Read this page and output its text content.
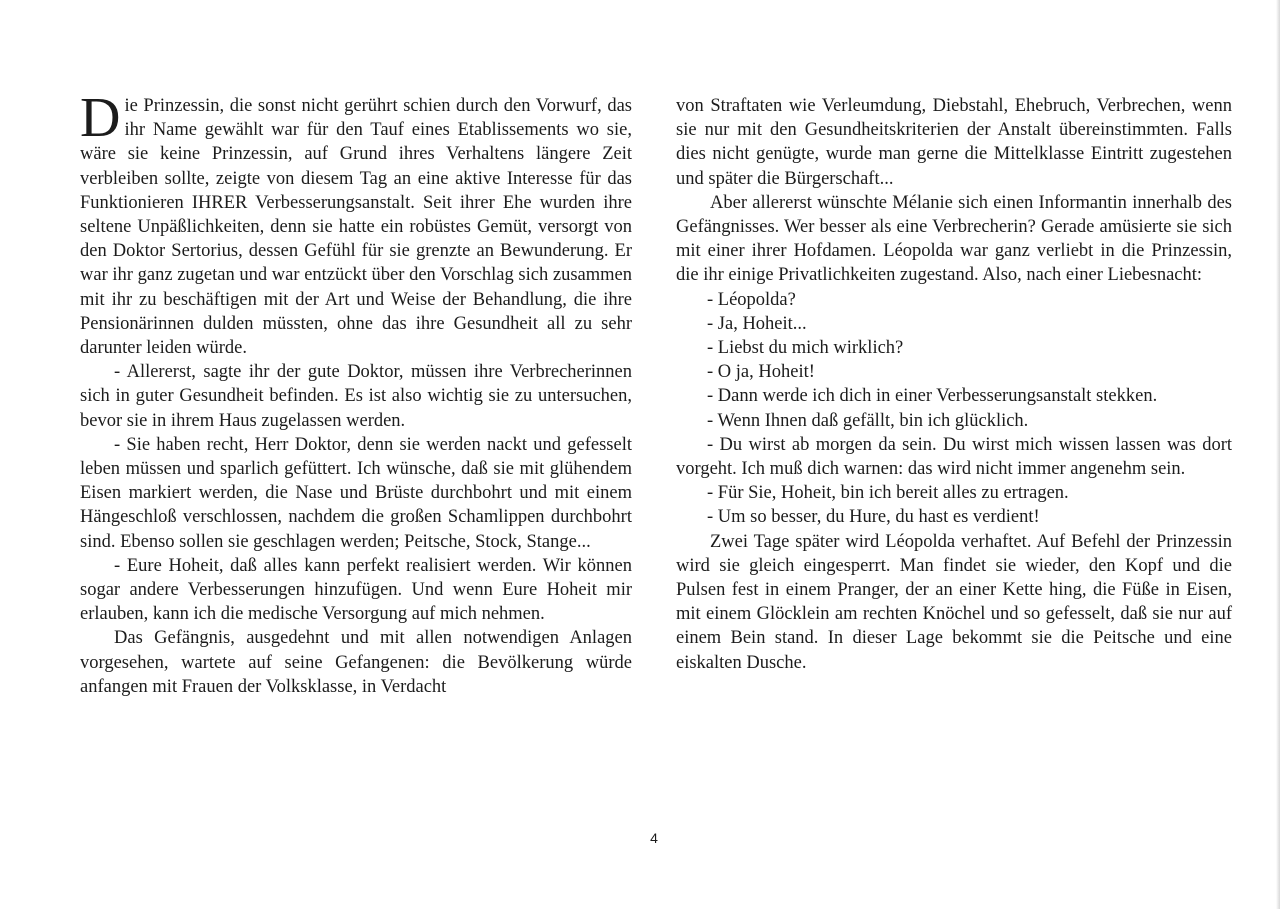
Die Prinzessin, die sonst nicht gerührt schien durch den Vorwurf, das ihr Name gewählt war für den Tauf eines Etablissements wo sie, wäre sie keine Prinzessin, auf Grund ihres Verhaltens längere Zeit verbleiben sollte, zeigte von diesem Tag an eine aktive Interesse für das Funktionieren IHRER Verbesserungsanstalt. Seit ihrer Ehe wurden ihre seltene Unpäßlichkeiten, denn sie hatte ein robüstes Gemüt, versorgt von den Doktor Sertorius, dessen Gefühl für sie grenzte an Bewunderung. Er war ihr ganz zugetan und war entzückt über den Vorschlag sich zusammen mit ihr zu beschäftigen mit der Art und Weise der Behandlung, die ihre Pensionärinnen dulden müssten, ohne das ihre Gesundheit all zu sehr darunter leiden würde.

- Allererst, sagte ihr der gute Doktor, müssen ihre Verbrecherinnen sich in guter Gesundheit befinden. Es ist also wichtig sie zu untersuchen, bevor sie in ihrem Haus zugelassen werden.

- Sie haben recht, Herr Doktor, denn sie werden nackt und gefesselt leben müssen und sparlich gefüttert. Ich wünsche, daß sie mit glühendem Eisen markiert werden, die Nase und Brüste durchbohrt und mit einem Hängeschloß verschlossen, nachdem die großen Schamlippen durchbohrt sind. Ebenso sollen sie geschlagen werden; Peitsche, Stock, Stange...

- Eure Hoheit, daß alles kann perfekt realisiert werden. Wir können sogar andere Verbesserungen hinzufügen. Und wenn Eure Hoheit mir erlauben, kann ich die medische Versorgung auf mich nehmen.

Das Gefängnis, ausgedehnt und mit allen notwendigen Anlagen vorgesehen, wartete auf seine Gefangenen: die Bevölkerung würde anfangen mit Frauen der Volksklasse, in Verdacht

von Straftaten wie Verleumdung, Diebstahl, Ehebruch, Verbrechen, wenn sie nur mit den Gesundheitskriterien der Anstalt übereinstimmten. Falls dies nicht genügte, wurde man gerne die Mittelklasse Eintritt zugestehen und später die Bürgerschaft...

Aber allererst wünschte Mélanie sich einen Informantin innerhalb des Gefängnisses. Wer besser als eine Verbrecherin? Gerade amüsierte sie sich mit einer ihrer Hofdamen. Léopolda war ganz verliebt in die Prinzessin, die ihr einige Privatlichkeiten zugestand. Also, nach einer Liebesnacht:

- Léopolda?

- Ja, Hoheit...

- Liebst du mich wirklich?

- O ja, Hoheit!

- Dann werde ich dich in einer Verbesserungsanstalt stekken.

- Wenn Ihnen daß gefällt, bin ich glücklich.

- Du wirst ab morgen da sein. Du wirst mich wissen lassen was dort vorgeht. Ich muß dich warnen: das wird nicht immer angenehm sein.

- Für Sie, Hoheit, bin ich bereit alles zu ertragen.

- Um so besser, du Hure, du hast es verdient!

Zwei Tage später wird Léopolda verhaftet. Auf Befehl der Prinzessin wird sie gleich eingesperrt. Man findet sie wieder, den Kopf und die Pulsen fest in einem Pranger, der an einer Kette hing, die Füße in Eisen, mit einem Glöcklein am rechten Knöchel und so gefesselt, daß sie nur auf einem Bein stand. In dieser Lage bekommt sie die Peitsche und eine eiskalten Dusche.

4
